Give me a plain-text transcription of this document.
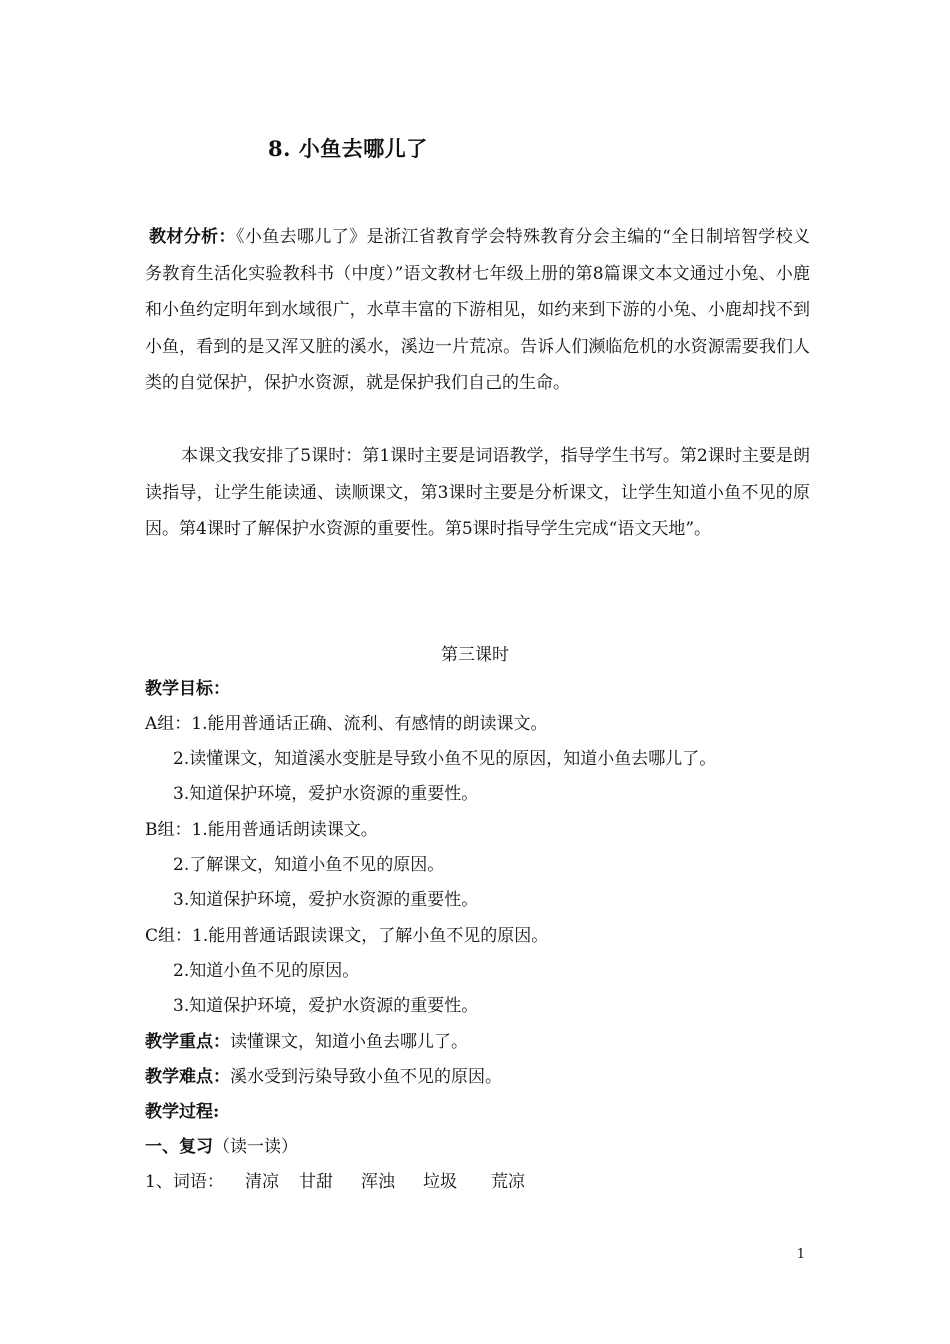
8. 小鱼去哪儿了
教材分析：《小鱼去哪儿了》是浙江省教育学会特殊教育分会主编的“全日制培智学校义务教育生活化实验教科书（中度）”语文教材七年级上册的第8篇课文本文通过小兔、小鹿和小鱼约定明年到水域很广，水草丰富的下游相见，如约来到下游的小兔、小鹿却找不到小鱼，看到的是又浑又脏的溪水，溪边一片荒凉。告诉人们濒临危机的水资源需要我们人类的自觉保护，保护水资源，就是保护我们自己的生命。
本课文我安排了5课时：第1课时主要是词语教学，指导学生书写。第2课时主要是朗读指导，让学生能读通、读顺课文，第3课时主要是分析课文，让学生知道小鱼不见的原因。第4课时了解保护水资源的重要性。第5课时指导学生完成“语文天地”。
第三课时
教学目标：
A组：1.能用普通话正确、流利、有感情的朗读课文。
2.读懂课文，知道溪水变脏是导致小鱼不见的原因，知道小鱼去哪儿了。
3.知道保护环境，爱护水资源的重要性。
B组：1.能用普通话朗读课文。
2.了解课文，知道小鱼不见的原因。
3.知道保护环境，爱护水资源的重要性。
C组：1.能用普通话跟读课文，了解小鱼不见的原因。
2.知道小鱼不见的原因。
3.知道保护环境，爱护水资源的重要性。
教学重点：读懂课文，知道小鱼去哪儿了。
教学难点：溪水受到污染导致小鱼不见的原因。
教学过程:
一、复习（读一读）
1、词语： 清凉 甘甜 浑浊 垃圾 荒凉
1
